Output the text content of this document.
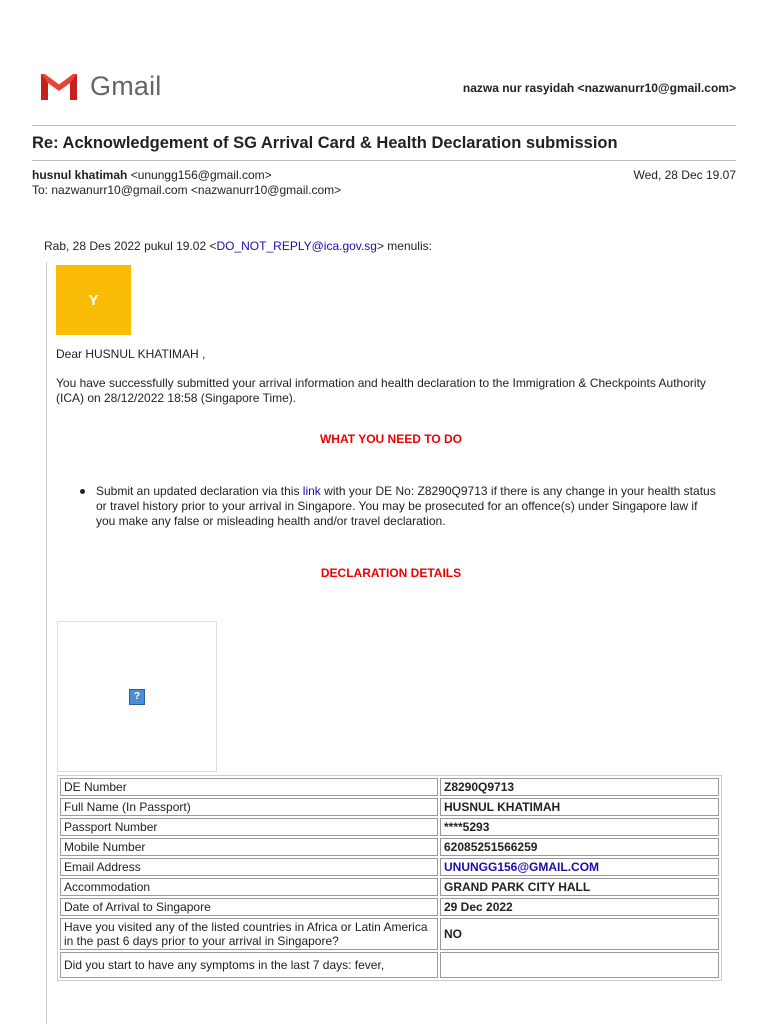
Gmail	nazwa nur rasyidah <nazwanurr10@gmail.com>
Re: Acknowledgement of SG Arrival Card & Health Declaration submission
husnul khatimah <unungg156@gmail.com>	Wed, 28 Dec 19.07
To: nazwanurr10@gmail.com <nazwanurr10@gmail.com>
Rab, 28 Des 2022 pukul 19.02 <DO_NOT_REPLY@ica.gov.sg> menulis:
Y
Dear HUSNUL KHATIMAH ,
You have successfully submitted your arrival information and health declaration to the Immigration & Checkpoints Authority (ICA) on 28/12/2022 18:58 (Singapore Time).
WHAT YOU NEED TO DO
Submit an updated declaration via this link with your DE No: Z8290Q9713 if there is any change in your health status or travel history prior to your arrival in Singapore. You may be prosecuted for an offence(s) under Singapore law if you make any false or misleading health and/or travel declaration.
DECLARATION DETAILS
?
DE Number	Z8290Q9713
Full Name (In Passport)	HUSNUL KHATIMAH
Passport Number	****5293
Mobile Number	62085251566259
Email Address	UNUNGG156@GMAIL.COM
Accommodation	GRAND PARK CITY HALL
Date of Arrival to Singapore	29 Dec 2022
Have you visited any of the listed countries in Africa or Latin America in the past 6 days prior to your arrival in Singapore?	NO
Did you start to have any symptoms in the last 7 days: fever,	
